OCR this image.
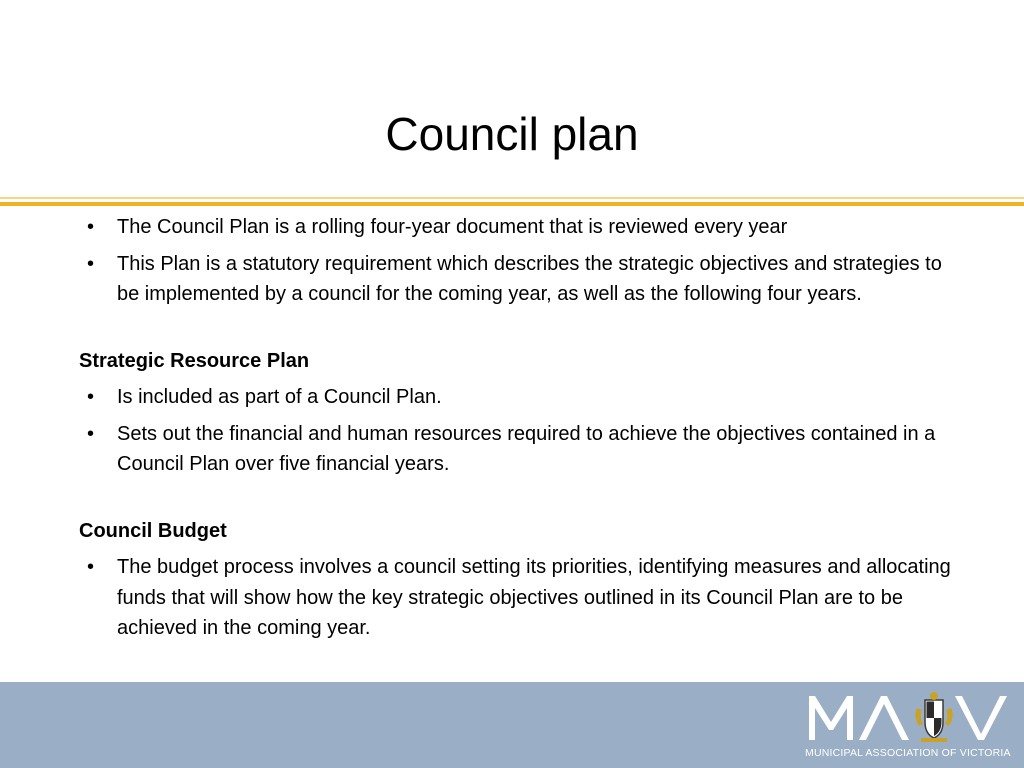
Council plan
• The Council Plan is a rolling four-year document that is reviewed every year
• This Plan is a statutory requirement which describes the strategic objectives and strategies to be implemented by a council for the coming year, as well as the following four years.
Strategic Resource Plan
• Is included as part of a Council Plan.
• Sets out the financial and human resources required to achieve the objectives contained in a Council Plan over five financial years.
Council Budget
• The budget process involves a council setting its priorities, identifying measures and allocating funds that will show how the key strategic objectives outlined in its Council Plan are to be achieved in the coming year.
MUNICIPAL ASSOCIATION OF VICTORIA
